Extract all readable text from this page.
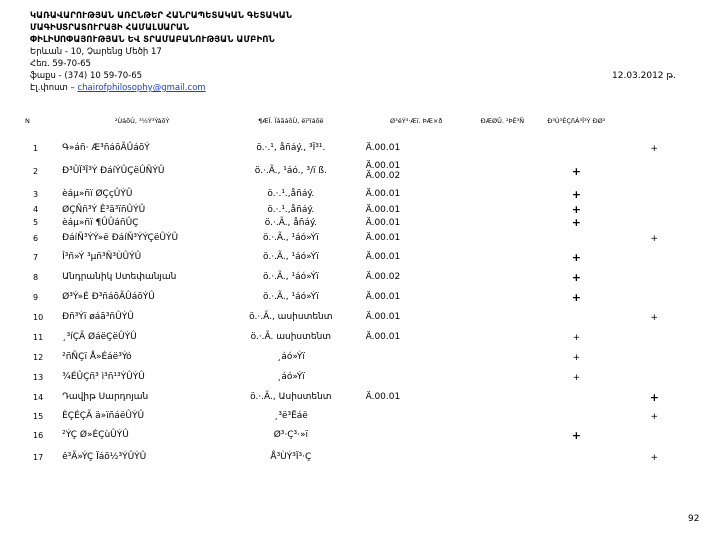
ԿԱՌԱՎԱՐՈՒԹՅԱՆ ԱՌԸՆԹԵՐ ՀԱՆՐԱՊԵՏԱԿԱՆ ԳԵՏԱԿԱՆ
ՄԱԳԻՍՏՐԱՏՈՒՐԱՅԻ ՀԱՄԱԼՍԱՐԱՆ
ՓԻԼԻՍՈՓԱՅՈՒԹՅԱՆ ԵՎ ՏՐԱՄԱԲԱՆՈՒԹՅԱՆ ԱՄԲԻՈՆ
Երևան - 10, Չարենց Մեծի 17
Հեռ. 59-70-65
ֆաքս - (374) 10 59-70-65
Էլ.փոստ – chairofphilosophy@gmail.com
12.03.2012 թ.
N	²ÙáõÙ, ³½Ý³ÝáõÝ	¶ÆÏ. ÏáãáõÙ, ëï³ïáõë	Ø³ëÝ³·Æï. ÞÆ×ð	ÐÆØÛ. ²ÞÊ³Ñ	Ð³Ù³ÉÇñÁ³Ï³Ý ÐØ³	
1	Գ»áñ· Æ³ñáõÃÛáõÝ	ö.·.¹, åñáý., ³Ï³¹.	Ä.00.01			+
2	Ð³ÛÏ³Ï³Ý ÐáíÝÛÇëÛÑÝÛ	ö.·.Ã., ¹áó., ³/ï ß.	Ä.00.01
Ä.00.02		+	
3	èáµ»ñï ØÇçÛÝÛ	ö.·.¹.,åñáý.	Ä.00.01		+	
4	ØÇÑñ³Ý Ê³ã³ïñÛÝÛ	ö.·.¹.,åñáý.	Ä.00.01		+	
5	èáµ»ñï ¶ÛÛáñÛÇ	ö.·.Ã., åñáý.	Ä.00.01		+	
6	ÐáíÑ³ÝÝ»ë ÐáíÑ³ÝÝÇëÛÝÛ	ö.·.Ã., ¹áó»Ýï	Ä.00.01			+
7	Î³ñ»Ý ³µñ³Ñ³ÙÛÝÛ	ö.·.Ã., ¹áó»Ýï	Ä.00.01		+	
8	Անդրանիկ Ստեփանյան	ö.·.Ã., ¹áó»Ýï	Ä.00.02		+	
9	Ø³Ý»É Ð³ñáõÃÛáõÝÛ	ö.·.Ã., ¹áó»Ýï	Ä.00.01		+	
10	Ðñ³Ýï øáã³ñÛÝÛ	ö.·.Ã., ասիստենտ	Ä.00.01			+
11	¸³íÇÃ ØáëÇëÛÝÛ	ö.·.Ã. ասիստենտ	Ä.00.01		+	
12	²ñÑÇï Å»Éáë³Ýó	¸áó»Ýï			+	
13	¾ÉÛÇñ³ ì³ñ¹³ÝÛÝÛ	¸áó»Ýï			+	
14	Դավիթ Սարդոյան	ö.·.Ã., Ասիստենտ	Ä.00.01			+
15	ÈÇÉÇÃ ä»ïñáëÛÝÛ	¸³ë³Ëáë				+
16	²ÝÇ Ø»ÉÇùÛÝÛ	Ø³·Ç³·»ï			+	
17	ê³Ã»ÝÇ Ïáõ½³ÝÛÝÛ	Å³ÙÝ³Ï³·Ç				+
92
